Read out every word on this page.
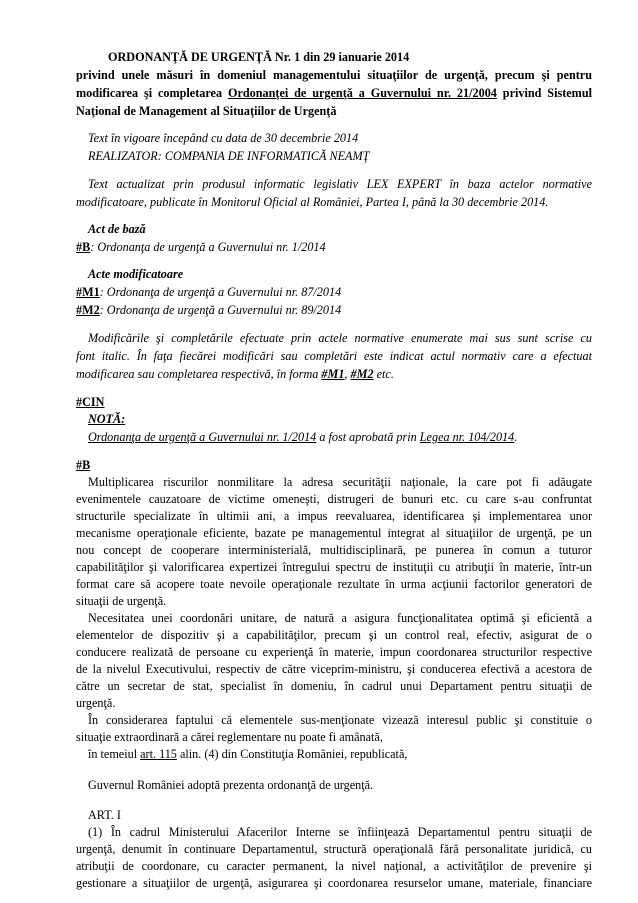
ORDONANŢĂ DE URGENŢĂ Nr. 1 din 29 ianuarie 2014
privind unele măsuri în domeniul managementului situaţiilor de urgenţă, precum şi pentru
modificarea şi completarea Ordonanţei de urgenţă a Guvernului nr. 21/2004 privind Sistemul
Naţional de Management al Situaţiilor de Urgenţă
Text în vigoare începând cu data de 30 decembrie 2014
REALIZATOR: COMPANIA DE INFORMATICĂ NEAMŢ
Text actualizat prin produsul informatic legislativ LEX EXPERT în baza actelor normative
modificatoare, publicate în Monitorul Oficial al României, Partea I, până la 30 decembrie 2014.
Act de bază
#B: Ordonanţa de urgenţă a Guvernului nr. 1/2014
Acte modificatoare
#M1: Ordonanţa de urgenţă a Guvernului nr. 87/2014
#M2: Ordonanţa de urgenţă a Guvernului nr. 89/2014
Modificările şi completările efectuate prin actele normative enumerate mai sus sunt scrise cu
font italic. În faţa fiecărei modificări sau completări este indicat actul normativ care a efectuat
modificarea sau completarea respectivă, în forma #M1, #M2 etc.
#CIN
NOTĂ:
Ordonanţa de urgenţă a Guvernului nr. 1/2014 a fost aprobată prin Legea nr. 104/2014.
#B
Multiplicarea riscurilor nonmilitare la adresa securităţii naţionale, la care pot fi adăugate
evenimentele cauzatoare de victime omeneşti, distrugeri de bunuri etc. cu care s-au confruntat
structurile specializate în ultimii ani, a impus reevaluarea, identificarea şi implementarea unor
mecanisme operaţionale eficiente, bazate pe managementul integrat al situaţiilor de urgenţă, pe un
nou concept de cooperare interministerială, multidisciplinară, pe punerea în comun a tuturor
capabilităţilor şi valorificarea expertizei întregului spectru de instituţii cu atribuţii în materie, într-un
format care să acopere toate nevoile operaţionale rezultate în urma acţiunii factorilor generatori de
situaţii de urgenţă.
Necesitatea unei coordonări unitare, de natură a asigura funcţionalitatea optimă şi eficientă a
elementelor de dispozitiv şi a capabilităţilor, precum şi un control real, efectiv, asigurat de o
conducere realizată de persoane cu experienţă în materie, impun coordonarea structurilor respective
de la nivelul Executivului, respectiv de către viceprim-ministru, şi conducerea efectivă a acestora de
către un secretar de stat, specialist în domeniu, în cadrul unui Departament pentru situaţii de
urgenţă.
În considerarea faptului că elementele sus-menţionate vizează interesul public şi constituie o
situaţie extraordinară a cărei reglementare nu poate fi amânată,
în temeiul art. 115 alin. (4) din Constituţia României, republicată,
Guvernul României adoptă prezenta ordonanţă de urgenţă.
ART. I
(1) În cadrul Ministerului Afacerilor Interne se înfiinţează Departamentul pentru situaţii de
urgenţă, denumit în continuare Departamentul, structură operaţională fără personalitate juridică, cu
atribuţii de coordonare, cu caracter permanent, la nivel naţional, a activităţilor de prevenire şi
gestionare a situaţiilor de urgenţă, asigurarea şi coordonarea resurselor umane, materiale, financiare
